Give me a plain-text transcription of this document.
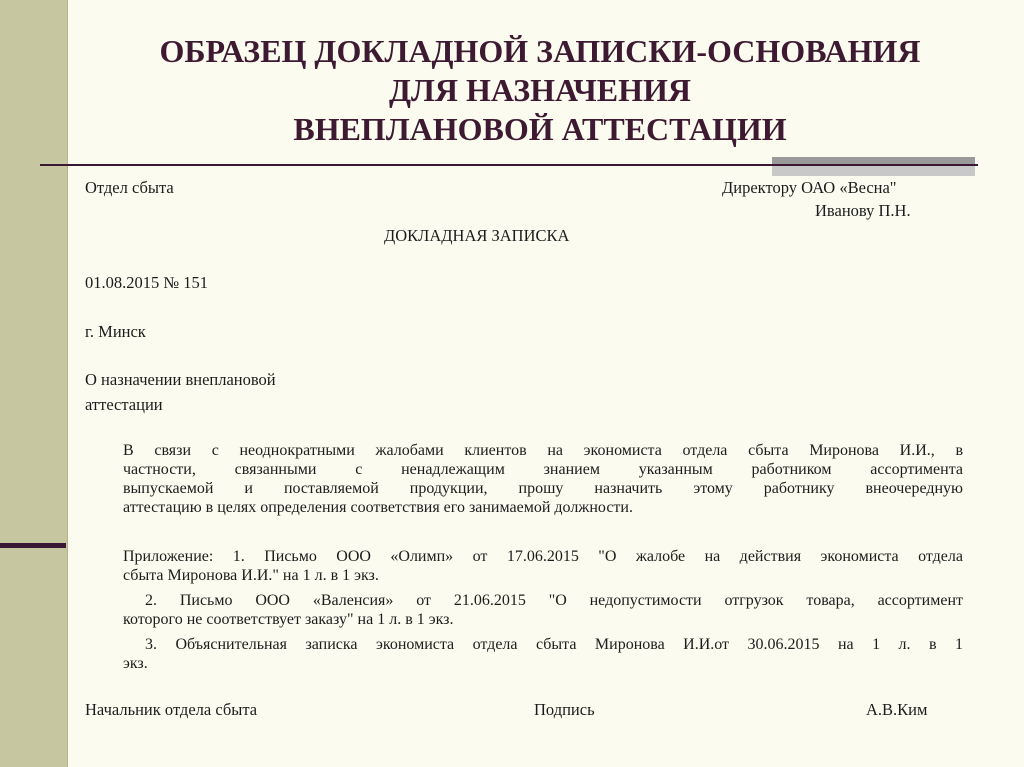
ОБРАЗЕЦ ДОКЛАДНОЙ ЗАПИСКИ-ОСНОВАНИЯ
ДЛЯ НАЗНАЧЕНИЯ
ВНЕПЛАНОВОЙ АТТЕСТАЦИИ
Отдел сбыта	Директору ОАО «Весна"
Иванову П.Н.
ДОКЛАДНАЯ ЗАПИСКА
01.08.2015 № 151
г. Минск
О назначении внеплановой
аттестации
В связи с неоднократными жалобами клиентов на экономиста отдела сбыта Миронова И.И., в
частности, связанными с ненадлежащим знанием указанным работником ассортимента
выпускаемой и поставляемой продукции, прошу назначить этому работнику внеочередную
аттестацию в целях определения соответствия его занимаемой должности.
Приложение: 1. Письмо ООО «Олимп» от 17.06.2015 "О жалобе на действия экономиста отдела
сбыта Миронова И.И." на 1 л. в 1 экз.
2. Письмо ООО «Валенсия» от 21.06.2015 "О недопустимости отгрузок товара, ассортимент
которого не соответствует заказу" на 1 л. в 1 экз.
3. Объяснительная записка экономиста отдела сбыта Миронова И.И.от 30.06.2015 на 1 л. в 1
экз.
Начальник отдела сбыта	Подпись	А.В.Ким
